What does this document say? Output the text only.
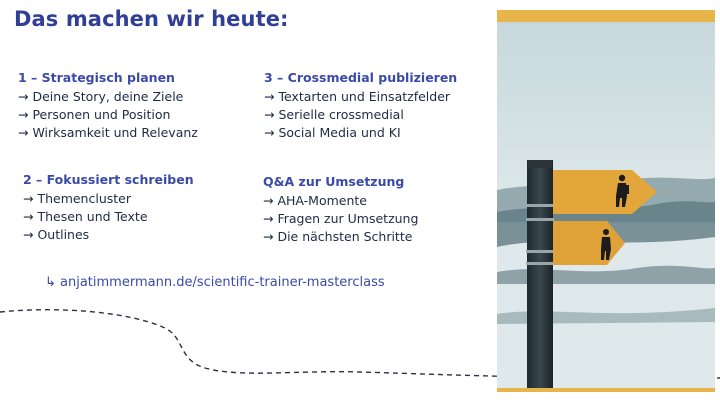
Das machen wir heute:
1 – Strategisch planen
→ Deine Story, deine Ziele
→ Personen und Position
→ Wirksamkeit und Relevanz
2 – Fokussiert schreiben
→ Themencluster
→ Thesen und Texte
→ Outlines
3 – Crossmedial publizieren
→ Textarten und Einsatzfelder
→ Serielle crossmedial
→ Social Media und KI
Q&A zur Umsetzung
→ AHA-Momente
→ Fragen zur Umsetzung
→ Die nächsten Schritte
↳ anjatimmermann.de/scientific-trainer-masterclass
